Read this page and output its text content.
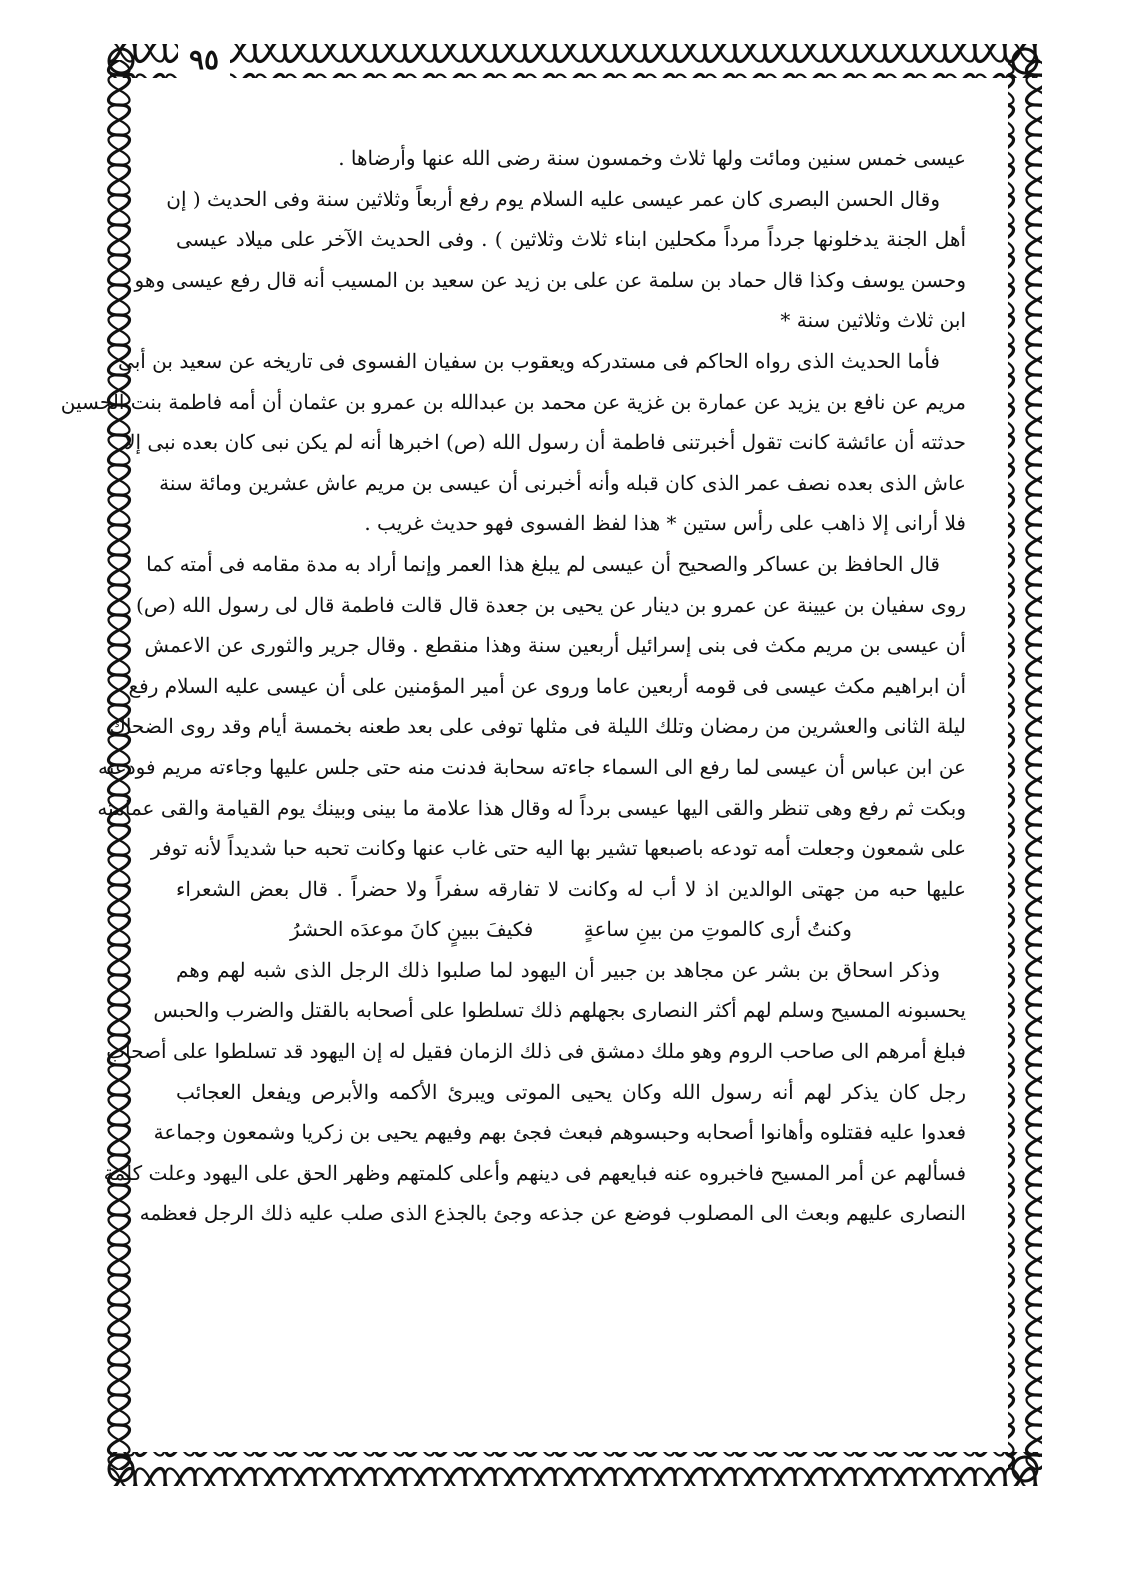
٩٥
عيسى خمس سنين ومائت ولها ثلاث وخمسون سنة رضى الله عنها وأرضاها .
وقال الحسن البصرى كان عمر عيسى عليه السلام يوم رفع أربعاً وثلاثين سنة وفى الحديث ( إن
أهل الجنة يدخلونها جرداً مرداً مكحلين ابناء ثلاث وثلاثين ) . وفى الحديث الآخر على ميلاد عيسى
وحسن يوسف وكذا قال حماد بن سلمة عن على بن زيد عن سعيد بن المسيب أنه قال رفع عيسى وهو
ابن ثلاث وثلاثين سنة *
فأما الحديث الذى رواه الحاكم فى مستدركه ويعقوب بن سفيان الفسوى فى تاريخه عن سعيد بن أبى
مريم عن نافع بن يزيد عن عمارة بن غزية عن محمد بن عبدالله بن عمرو بن عثمان أن أمه فاطمة بنت الحسين
حدثته أن عائشة كانت تقول أخبرتنى فاطمة أن رسول الله (ص) اخبرها أنه لم يكن نبى كان بعده نبى إلا
عاش الذى بعده نصف عمر الذى كان قبله وأنه أخبرنى أن عيسى بن مريم عاش عشرين ومائة سنة
فلا أرانى إلا ذاهب على رأس ستين * هذا لفظ الفسوى فهو حديث غريب .
قال الحافظ بن عساكر والصحيح أن عيسى لم يبلغ هذا العمر وإنما أراد به مدة مقامه فى أمته كما
روى سفيان بن عيينة عن عمرو بن دينار عن يحيى بن جعدة قال قالت فاطمة قال لى رسول الله (ص)
أن عيسى بن مريم مكث فى بنى إسرائيل أربعين سنة وهذا منقطع . وقال جرير والثورى عن الاعمش
أن ابراهيم مكث عيسى فى قومه أربعين عاما وروى عن أمير المؤمنين على أن عيسى عليه السلام رفع
ليلة الثانى والعشرين من رمضان وتلك الليلة فى مثلها توفى على بعد طعنه بخمسة أيام وقد روى الضحاك
عن ابن عباس أن عيسى لما رفع الى السماء جاءته سحابة فدنت منه حتى جلس عليها وجاءته مريم فودعته
وبكت ثم رفع وهى تنظر والقى اليها عيسى برداً له وقال هذا علامة ما بينى وبينك يوم القيامة والقى عمامته
على شمعون وجعلت أمه تودعه باصبعها تشير بها اليه حتى غاب عنها وكانت تحبه حبا شديداً لأنه توفر
عليها حبه من جهتى الوالدين اذ لا أب له وكانت لا تفارقه سفراً ولا حضراً . قال بعض الشعراء
وكنتُ أرى كالموتِ من بينِ ساعةٍ فكيفَ ببينٍ كانَ موعدَه الحشرُ
وذكر اسحاق بن بشر عن مجاهد بن جبير أن اليهود لما صلبوا ذلك الرجل الذى شبه لهم وهم
يحسبونه المسيح وسلم لهم أكثر النصارى بجهلهم ذلك تسلطوا على أصحابه بالقتل والضرب والحبس
فبلغ أمرهم الى صاحب الروم وهو ملك دمشق فى ذلك الزمان فقيل له إن اليهود قد تسلطوا على أصحاب
رجل كان يذكر لهم أنه رسول الله وكان يحيى الموتى ويبرئ الأكمه والأبرص ويفعل العجائب
فعدوا عليه فقتلوه وأهانوا أصحابه وحبسوهم فبعث فجئ بهم وفيهم يحيى بن زكريا وشمعون وجماعة
فسألهم عن أمر المسيح فاخبروه عنه فبايعهم فى دينهم وأعلى كلمتهم وظهر الحق على اليهود وعلت كلمة
النصارى عليهم وبعث الى المصلوب فوضع عن جذعه وجئ بالجذع الذى صلب عليه ذلك الرجل فعظمه
